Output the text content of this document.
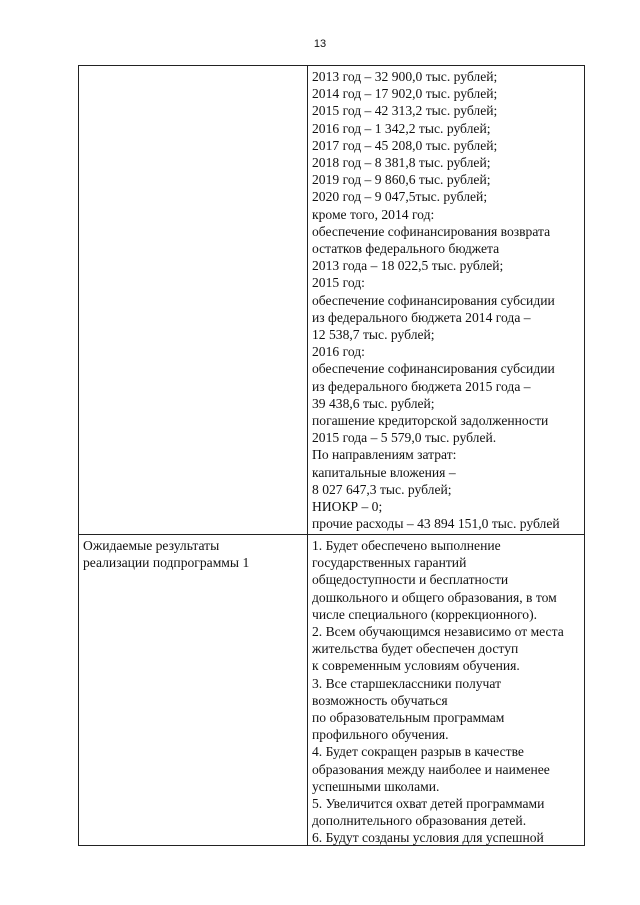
13
2013 год – 32 900,0 тыс. рублей;
2014 год – 17 902,0 тыс. рублей;
2015 год – 42 313,2 тыс. рублей;
2016 год – 1 342,2 тыс. рублей;
2017 год – 45 208,0 тыс. рублей;
2018 год – 8 381,8 тыс. рублей;
2019 год – 9 860,6 тыс. рублей;
2020 год – 9 047,5тыс. рублей;
кроме того, 2014 год:
обеспечение софинансирования возврата
остатков федерального бюджета
2013 года – 18 022,5 тыс. рублей;
2015 год:
обеспечение софинансирования субсидии
из федерального бюджета 2014 года –
12 538,7 тыс. рублей;
2016 год:
обеспечение софинансирования субсидии
из федерального бюджета 2015 года –
39 438,6 тыс. рублей;
погашение кредиторской задолженности
2015 года – 5 579,0 тыс. рублей.
По направлениям затрат:
капитальные вложения –
8 027 647,3 тыс. рублей;
НИОКР – 0;
прочие расходы – 43 894 151,0 тыс. рублей
Ожидаемые результаты
реализации подпрограммы 1
1. Будет обеспечено выполнение
государственных гарантий
общедоступности и бесплатности
дошкольного и общего образования, в том
числе специального (коррекционного).
2. Всем обучающимся независимо от места
жительства будет обеспечен доступ
к современным условиям обучения.
3. Все старшеклассники получат
возможность обучаться
по образовательным программам
профильного обучения.
4. Будет сокращен разрыв в качестве
образования между наиболее и наименее
успешными школами.
5. Увеличится охват детей программами
дополнительного образования детей.
6. Будут созданы условия для успешной
